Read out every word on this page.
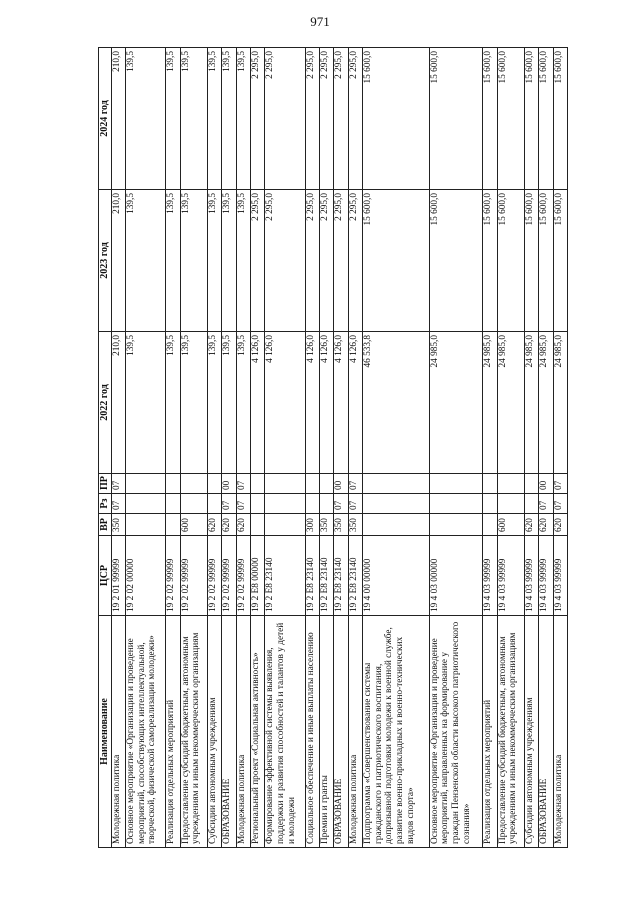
971
Наименование	ЦСР	ВР	Рз	ПР	2022 год	2023 год	2024 год
Молодежная политика	19 2 01 99999	350	07	07	210,0	210,0	210,0
Основное мероприятие «Организация и проведение мероприятий, способствующих интеллектуальной, творческой, физической самореализации молодежи»	19 2 02 00000				139,5	139,5	139,5
Реализация отдельных мероприятий	19 2 02 99999				139,5	139,5	139,5
Предоставление субсидий бюджетным, автономным учреждениям и иным некоммерческим организациям	19 2 02 99999	600			139,5	139,5	139,5
Субсидии автономным учреждениям	19 2 02 99999	620			139,5	139,5	139,5
ОБРАЗОВАНИЕ	19 2 02 99999	620	07	00	139,5	139,5	139,5
Молодежная политика	19 2 02 99999	620	07	07	139,5	139,5	139,5
Региональный проект «Социальная активность»	19 2 E8 00000				4 126,0	2 295,0	2 295,0
Формирование эффективной системы выявления, поддержки и развития способностей и талантов у детей и молодежи	19 2 E8 23140				4 126,0	2 295,0	2 295,0
Социальное обеспечение и иные выплаты населению	19 2 E8 23140	300			4 126,0	2 295,0	2 295,0
Премии и гранты	19 2 E8 23140	350			4 126,0	2 295,0	2 295,0
ОБРАЗОВАНИЕ	19 2 E8 23140	350	07	00	4 126,0	2 295,0	2 295,0
Молодежная политика	19 2 E8 23140	350	07	07	4 126,0	2 295,0	2 295,0
Подпрограмма «Совершенствование системы гражданского и патриотического воспитания, допризывной подготовки молодежи к военной службе, развитие военно-прикладных и военно-технических видов спорта»	19 4 00 00000				46 533,8	15 600,0	15 600,0
Основное мероприятие «Организация и проведение мероприятий, направленных на формирование у граждан Пензенской области высокого патриотического сознания»	19 4 03 00000				24 985,0	15 600,0	15 600,0
Реализация отдельных мероприятий	19 4 03 99999				24 985,0	15 600,0	15 600,0
Предоставление субсидий бюджетным, автономным учреждениям и иным некоммерческим организациям	19 4 03 99999	600			24 985,0	15 600,0	15 600,0
Субсидии автономным учреждениям	19 4 03 99999	620			24 985,0	15 600,0	15 600,0
ОБРАЗОВАНИЕ	19 4 03 99999	620	07	00	24 985,0	15 600,0	15 600,0
Молодежная политика	19 4 03 99999	620	07	07	24 985,0	15 600,0	15 600,0
